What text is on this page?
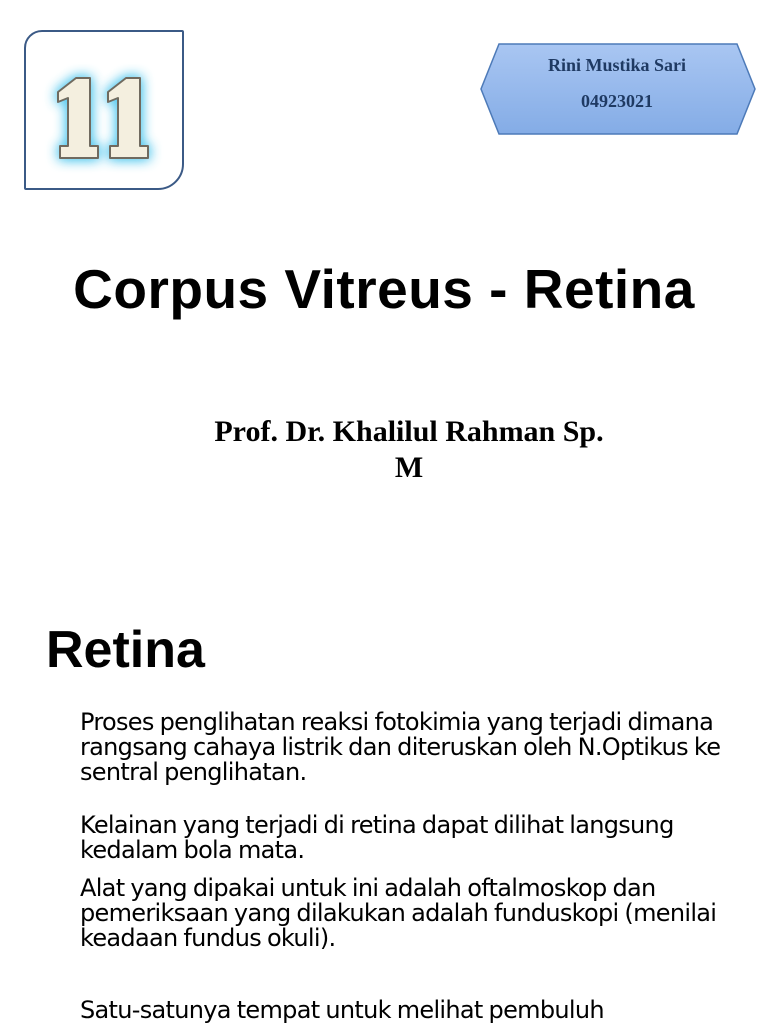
Rini Mustika Sari
04923021
Corpus Vitreus - Retina
Prof. Dr. Khalilul Rahman Sp.
M
Retina

Proses penglihatan reaksi fotokimia yang terjadi dimana rangsang cahaya listrik dan diteruskan oleh N.Optikus ke sentral penglihatan.

Kelainan yang terjadi di retina dapat dilihat langsung kedalam bola mata.

Alat yang dipakai untuk ini adalah oftalmoskop dan pemeriksaan yang dilakukan adalah funduskopi (menilai keadaan fundus okuli).

Satu-satunya tempat untuk melihat pembuluh
